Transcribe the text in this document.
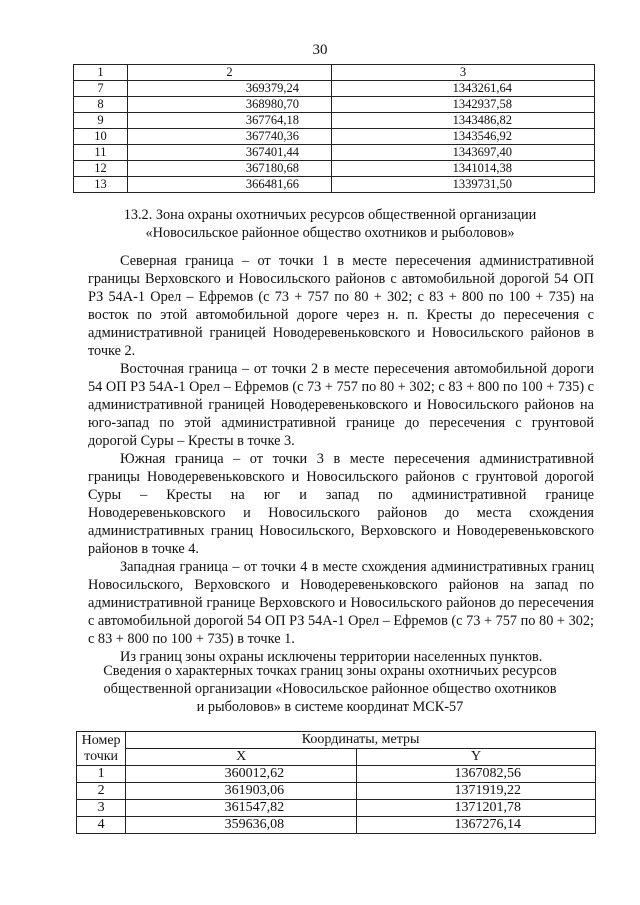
30
1	2	3
7	369379,24	1343261,64
8	368980,70	1342937,58
9	367764,18	1343486,82
10	367740,36	1343546,92
11	367401,44	1343697,40
12	367180,68	1341014,38
13	366481,66	1339731,50
13.2. Зона охраны охотничьих ресурсов общественной организации
«Новосильское районное общество охотников и рыболовов»

Северная граница – от точки 1 в месте пересечения административной границы Верховского и Новосильского районов с автомобильной дорогой 54 ОП РЗ 54А-1 Орел – Ефремов (с 73 + 757 по 80 + 302; с 83 + 800 по 100 + 735) на восток по этой автомобильной дороге через н. п. Кресты до пересечения с административной границей Новодеревеньковского и Новосильского районов в точке 2.

Восточная граница – от точки 2 в месте пересечения автомобильной дороги 54 ОП РЗ 54А-1 Орел – Ефремов (с 73 + 757 по 80 + 302; с 83 + 800 по 100 + 735) с административной границей Новодеревеньковского и Новосильского районов на юго-запад по этой административной границе до пересечения с грунтовой дорогой Суры – Кресты в точке 3.

Южная граница – от точки 3 в месте пересечения административной границы Новодеревеньковского и Новосильского районов с грунтовой дорогой Суры – Кресты на юг и запад по административной границе Новодеревеньковского и Новосильского районов до места схождения административных границ Новосильского, Верховского и Новодеревеньковского районов в точке 4.

Западная граница – от точки 4 в месте схождения административных границ Новосильского, Верховского и Новодеревеньковского районов на запад по административной границе Верховского и Новосильского районов до пересечения с автомобильной дорогой 54 ОП РЗ 54А-1 Орел – Ефремов (с 73 + 757 по 80 + 302; с 83 + 800 по 100 + 735) в точке 1.

Из границ зоны охраны исключены территории населенных пунктов.

Сведения о характерных точках границ зоны охраны охотничьих ресурсов
общественной организации «Новосильское районное общество охотников
и рыболовов» в системе координат МСК-57
Номер
точки	Координаты, метры	
	X	Y
1	360012,62	1367082,56
2	361903,06	1371919,22
3	361547,82	1371201,78
4	359636,08	1367276,14
